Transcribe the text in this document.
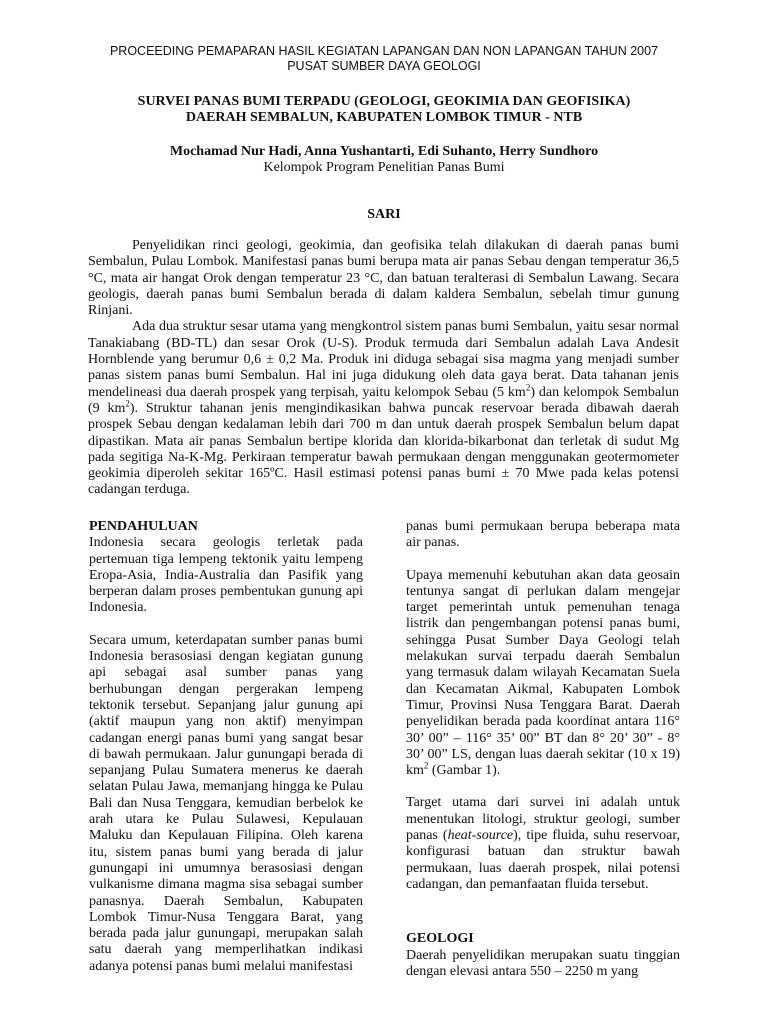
PROCEEDING PEMAPARAN HASIL KEGIATAN LAPANGAN DAN NON LAPANGAN TAHUN 2007
PUSAT SUMBER DAYA GEOLOGI
SURVEI PANAS BUMI TERPADU (GEOLOGI, GEOKIMIA DAN GEOFISIKA)
DAERAH SEMBALUN, KABUPATEN LOMBOK TIMUR - NTB
Mochamad Nur Hadi, Anna Yushantarti, Edi Suhanto, Herry Sundhoro
Kelompok Program Penelitian Panas Bumi
SARI

Penyelidikan rinci geologi, geokimia, dan geofisika telah dilakukan di daerah panas bumi Sembalun, Pulau Lombok. Manifestasi panas bumi berupa mata air panas Sebau dengan temperatur 36,5 °C, mata air hangat Orok dengan temperatur 23 °C, dan batuan teralterasi di Sembalun Lawang. Secara geologis, daerah panas bumi Sembalun berada di dalam kaldera Sembalun, sebelah timur gunung Rinjani.

Ada dua struktur sesar utama yang mengkontrol sistem panas bumi Sembalun, yaitu sesar normal Tanakiabang (BD-TL) dan sesar Orok (U-S). Produk termuda dari Sembalun adalah Lava Andesit Hornblende yang berumur 0,6 ± 0,2 Ma. Produk ini diduga sebagai sisa magma yang menjadi sumber panas sistem panas bumi Sembalun. Hal ini juga didukung oleh data gaya berat. Data tahanan jenis mendelineasi dua daerah prospek yang terpisah, yaitu kelompok Sebau (5 $km^2$) dan kelompok Sembalun (9 $km^2$). Struktur tahanan jenis mengindikasikan bahwa puncak reservoar berada dibawah daerah prospek Sebau dengan kedalaman lebih dari 700 m dan untuk daerah prospek Sembalun belum dapat dipastikan. Mata air panas Sembalun bertipe klorida dan klorida-bikarbonat dan terletak di sudut Mg pada segitiga Na-K-Mg. Perkiraan temperatur bawah permukaan dengan menggunakan geotermometer geokimia diperoleh sekitar 165ºC. Hasil estimasi potensi panas bumi ± 70 Mwe pada kelas potensi cadangan terduga.

PENDAHULUAN

Indonesia secara geologis terletak pada pertemuan tiga lempeng tektonik yaitu lempeng Eropa-Asia, India-Australia dan Pasifik yang berperan dalam proses pembentukan gunung api Indonesia.

Secara umum, keterdapatan sumber panas bumi Indonesia berasosiasi dengan kegiatan gunung api sebagai asal sumber panas yang berhubungan dengan pergerakan lempeng tektonik tersebut. Sepanjang jalur gunung api (aktif maupun yang non aktif) menyimpan cadangan energi panas bumi yang sangat besar di bawah permukaan. Jalur gunungapi berada di sepanjang Pulau Sumatera menerus ke daerah selatan Pulau Jawa, memanjang hingga ke Pulau Bali dan Nusa Tenggara, kemudian berbelok ke arah utara ke Pulau Sulawesi, Kepulauan Maluku dan Kepulauan Filipina. Oleh karena itu, sistem panas bumi yang berada di jalur gunungapi ini umumnya berasosiasi dengan vulkanisme dimana magma sisa sebagai sumber panasnya. Daerah Sembalun, Kabupaten Lombok Timur-Nusa Tenggara Barat, yang berada pada jalur gunungapi, merupakan salah satu daerah yang memperlihatkan indikasi adanya potensi panas bumi melalui manifestasi

panas bumi permukaan berupa beberapa mata air panas.

Upaya memenuhi kebutuhan akan data geosain tentunya sangat di perlukan dalam mengejar target pemerintah untuk pemenuhan tenaga listrik dan pengembangan potensi panas bumi, sehingga Pusat Sumber Daya Geologi telah melakukan survai terpadu daerah Sembalun yang termasuk dalam wilayah Kecamatan Suela dan Kecamatan Aikmal, Kabupaten Lombok Timur, Provinsi Nusa Tenggara Barat. Daerah penyelidikan berada pada koordinat antara 116° 30’ 00” – 116° 35’ 00” BT dan 8° 20’ 30” - 8° 30’ 00” LS, dengan luas daerah sekitar (10 x 19) $km^2$ (Gambar 1).

Target utama dari survei ini adalah untuk menentukan litologi, struktur geologi, sumber panas (heat-source), tipe fluida, suhu reservoar, konfigurasi batuan dan struktur bawah permukaan, luas daerah prospek, nilai potensi cadangan, dan pemanfaatan fluida tersebut.

GEOLOGI

Daerah penyelidikan merupakan suatu tinggian dengan elevasi antara 550 – 2250 m yang
